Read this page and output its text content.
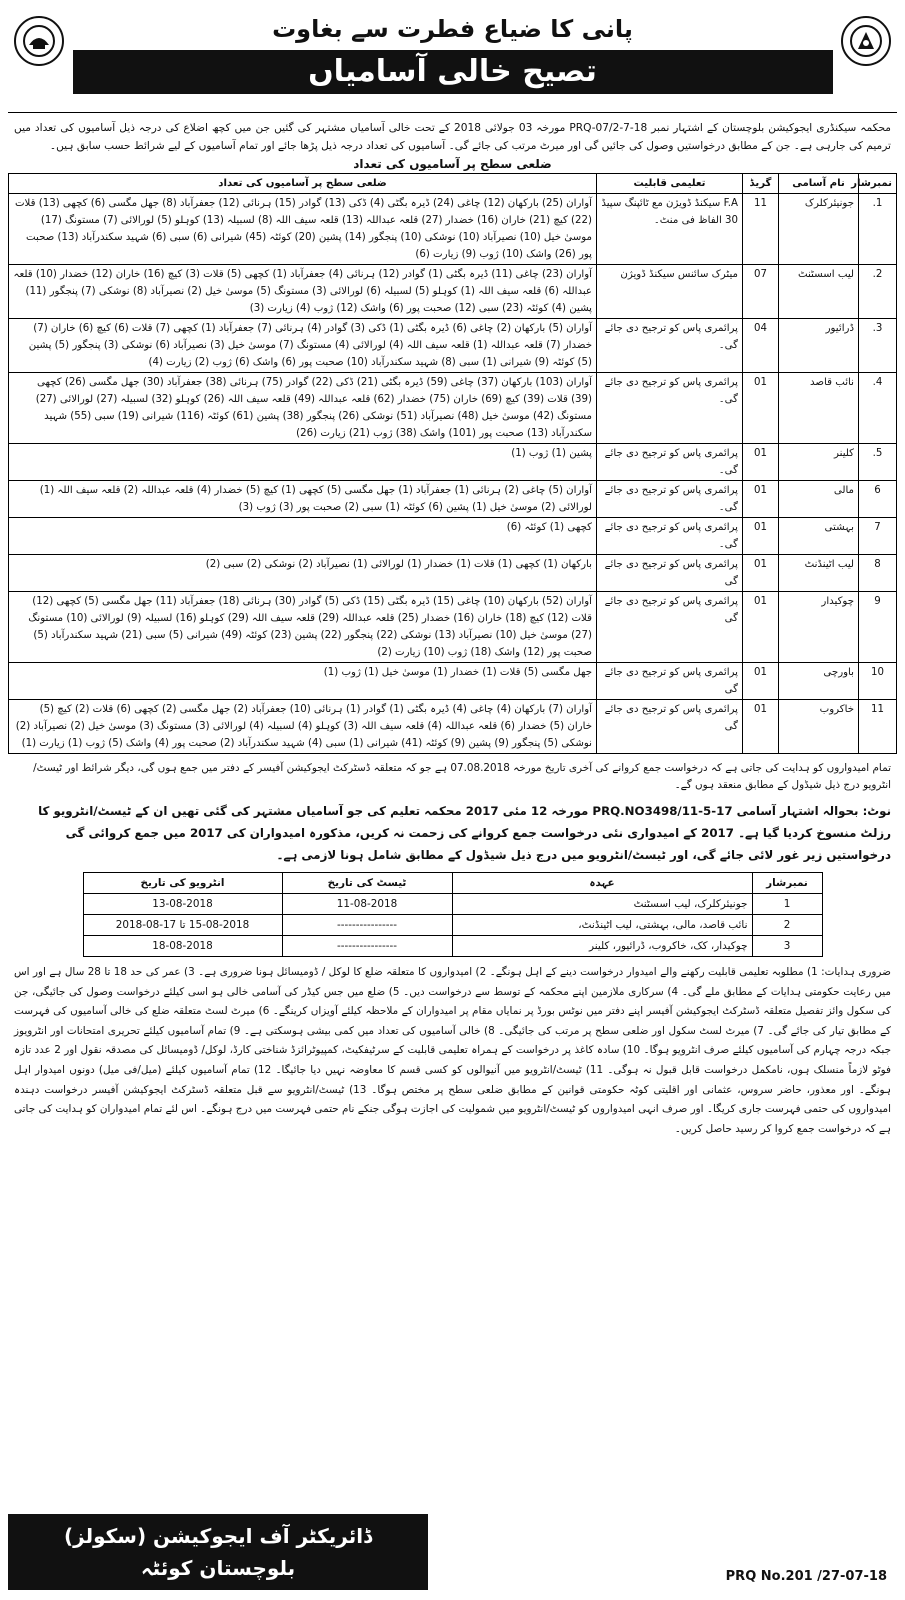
پانی کا ضیاع فطرت سے بغاوت
تصیح خالی آسامیاں
محکمہ سیکنڈری ایجوکیشن بلوچستان کے اشتہار نمبر PRQ-07/2-7-18 مورخہ 03 جولائی 2018 کے تحت خالی آسامیاں مشتہر کی گئیں جن میں کچھ اضلاع کی درجہ ذیل آسامیوں کی تعداد میں ترمیم کی جارہی ہے۔ جن کے مطابق درخواستیں وصول کی جائیں گی اور میرٹ مرتب کی جائے گی۔ آسامیوں کی تعداد درجہ ذیل پڑھا جائے اور تمام آسامیوں کے لیے شرائط حسب سابق ہیں۔
ضلعی سطح پر آسامیوں کی تعداد
نمبرشار	نام آسامی	گریڈ	تعلیمی قابلیت	ضلعی سطح پر آسامیوں کی تعداد
1.	جونیئرکلرک	11	F.A سیکنڈ ڈویژن مع ٹائپنگ سپیڈ 30 الفاظ فی منٹ۔	آواران (25) بارکھان (12) چاغی (24) ڈیرہ بگٹی (4) ڈکی (13) گوادر (15) ہرنائی (12) جعفرآباد (8) جھل مگسی (6) کچھی (13) قلات (22) کیچ (21) خاران (16) خضدار (27) قلعہ عبداللہ (13) قلعہ سیف اللہ (8) لسبیلہ (13) کوہلو (5) لورالائی (7) مستونگ (17) موسیٰ خیل (10) نصیرآباد (10) نوشکی (10) پنجگور (14) پشین (20) کوئٹہ (45) شیرانی (6) سبی (6) شہید سکندرآباد (13) صحبت پور (26) واشک (10) ژوب (9) زیارت (6)
2.	لیب اسسٹنٹ	07	میٹرک سائنس سیکنڈ ڈویژن	آواران (23) چاغی (11) ڈیرہ بگٹی (1) گوادر (12) ہرنائی (4) جعفرآباد (1) کچھی (5) قلات (3) کیچ (16) خاران (12) خضدار (10) قلعہ عبداللہ (6) قلعہ سیف اللہ (1) کوہلو (5) لسبیلہ (6) لورالائی (3) مستونگ (5) موسیٰ خیل (2) نصیرآباد (8) نوشکی (7) پنجگور (11) پشین (4) کوئٹہ (23) سبی (12) صحبت پور (6) واشک (12) ژوب (4) زیارت (3)
3.	ڈرائیور	04	پرائمری پاس کو ترجیح دی جائے گی۔	آواران (5) بارکھان (2) چاغی (6) ڈیرہ بگٹی (1) ڈکی (3) گوادر (4) ہرنائی (7) جعفرآباد (1) کچھی (7) قلات (6) کیچ (6) خاران (7) خضدار (7) قلعہ عبداللہ (1) قلعہ سیف اللہ (4) لورالائی (4) مستونگ (7) موسیٰ خیل (3) نصیرآباد (6) نوشکی (3) پنجگور (5) پشین (5) کوئٹہ (9) شیرانی (1) سبی (8) شہید سکندرآباد (10) صحبت پور (6) واشک (6) ژوب (2) زیارت (4)
4.	نائب قاصد	01	پرائمری پاس کو ترجیح دی جائے گی۔	آواران (103) بارکھان (37) چاغی (59) ڈیرہ بگٹی (21) ڈکی (22) گوادر (75) ہرنائی (38) جعفرآباد (30) جھل مگسی (26) کچھی (39) قلات (39) کیچ (69) خاران (75) خضدار (62) قلعہ عبداللہ (49) قلعہ سیف اللہ (26) کوہلو (32) لسبیلہ (27) لورالائی (27) مستونگ (42) موسیٰ خیل (48) نصیرآباد (51) نوشکی (26) پنجگور (38) پشین (61) کوئٹہ (116) شیرانی (19) سبی (55) شہید سکندرآباد (13) صحبت پور (101) واشک (38) ژوب (21) زیارت (26)
5.	کلینر	01	پرائمری پاس کو ترجیح دی جائے گی۔	پشین (1) ژوب (1)
6	مالی	01	پرائمری پاس کو ترجیح دی جائے گی۔	آواران (5) چاغی (2) ہرنائی (1) جعفرآباد (1) جھل مگسی (5) کچھی (1) کیچ (5) خضدار (4) قلعہ عبداللہ (2) قلعہ سیف اللہ (1) لورالائی (2) موسیٰ خیل (1) پشین (6) کوئٹہ (1) سبی (2) صحبت پور (3) ژوب (3)
7	بہشتی	01	پرائمری پاس کو ترجیح دی جائے گی۔	کچھی (1) کوئٹہ (6)
8	لیب اٹینڈنٹ	01	پرائمری پاس کو ترجیح دی جائے گی	بارکھان (1) کچھی (1) قلات (1) خضدار (1) لورالائی (1) نصیرآباد (2) نوشکی (2) سبی (2)
9	چوکیدار	01	پرائمری پاس کو ترجیح دی جائے گی	آواران (52) بارکھان (10) چاغی (15) ڈیرہ بگٹی (15) ڈکی (5) گوادر (30) ہرنائی (18) جعفرآباد (11) جھل مگسی (5) کچھی (12) قلات (12) کیچ (18) خاران (16) خضدار (25) قلعہ عبداللہ (29) قلعہ سیف اللہ (29) کوہلو (16) لسبیلہ (9) لورالائی (10) مستونگ (27) موسیٰ خیل (10) نصیرآباد (13) نوشکی (22) پنجگور (22) پشین (23) کوئٹہ (49) شیرانی (5) سبی (21) شہید سکندرآباد (5) صحبت پور (12) واشک (18) ژوب (10) زیارت (2)
10	باورچی	01	پرائمری پاس کو ترجیح دی جائے گی	جھل مگسی (5) قلات (1) خضدار (1) موسیٰ خیل (1) ژوب (1)
11	خاکروب	01	پرائمری پاس کو ترجیح دی جائے گی	آواران (7) بارکھان (4) چاغی (4) ڈیرہ بگٹی (1) گوادر (1) ہرنائی (10) جعفرآباد (2) جھل مگسی (2) کچھی (6) قلات (2) کیچ (5) خاران (5) خضدار (6) قلعہ عبداللہ (4) قلعہ سیف اللہ (3) کوہلو (4) لسبیلہ (4) لورالائی (3) مستونگ (3) موسیٰ خیل (2) نصیرآباد (2) نوشکی (5) پنجگور (9) پشین (9) کوئٹہ (41) شیرانی (1) سبی (4) شہید سکندرآباد (2) صحبت پور (4) واشک (5) ژوب (1) زیارت (1)
تمام امیدواروں کو ہدایت کی جاتی ہے کہ درخواست جمع کروانے کی آخری تاریخ مورخہ 07.08.2018 ہے جو کہ متعلقہ ڈسٹرکٹ ایجوکیشن آفیسر کے دفتر میں جمع ہوں گی، دیگر شرائط اور ٹیسٹ/انٹرویو درج ذیل شیڈول کے مطابق منعقد ہوں گے۔
نوٹ: بحوالہ اشتہار آسامی PRQ.NO3498/11-5-17 مورخہ 12 مئی 2017 محکمہ تعلیم کی جو آسامیاں مشتہر کی گئی تھیں ان کے ٹیسٹ/انٹرویو کا رزلٹ منسوخ کردیا گیا ہے۔ 2017 کے امیدواری نئی درخواست جمع کروانے کی زحمت نہ کریں، مذکورہ امیدواران کی 2017 میں جمع کروائی گی درخواستیں زیر غور لائی جائے گی، اور ٹیسٹ/انٹرویو میں درج ذیل شیڈول کے مطابق شامل ہونا لازمی ہے۔
نمبرشار	عہدہ	ٹیسٹ کی تاریخ	انٹرویو کی تاریخ
1	جونیئرکلرک، لیب اسسٹنٹ	11-08-2018	13-08-2018
2	نائب قاصد، مالی، بہشتی، لیب اٹینڈنٹ،	----------------	15-08-2018 تا 17-08-2018
3	چوکیدار، کک، خاکروب، ڈرائیور، کلینر	----------------	18-08-2018
ضروری ہدایات: 1) مطلوبہ تعلیمی قابلیت رکھنے والے امیدوار درخواست دینے کے اہل ہونگے۔ 2) امیدواروں کا متعلقہ ضلع کا لوکل / ڈومیسائل ہونا ضروری ہے۔ 3) عمر کی حد 18 تا 28 سال ہے اور اس میں رعایت حکومتی ہدایات کے مطابق ملے گی۔ 4) سرکاری ملازمین اپنے محکمہ کے توسط سے درخواست دیں۔ 5) ضلع میں جس کیڈر کی آسامی خالی ہو اسی کیلئے درخواست وصول کی جائیگی، جن کی سکول وائز تفصیل متعلقہ ڈسٹرکٹ ایجوکیشن آفیسر اپنے دفتر میں نوٹس بورڈ پر نمایاں مقام پر امیدواران کے ملاحظہ کیلئے آویزاں کرینگے۔ 6) میرٹ لسٹ متعلقہ ضلع کی خالی آسامیوں کی فہرست کے مطابق تیار کی جائے گی۔ 7) میرٹ لسٹ سکول اور ضلعی سطح پر مرتب کی جائیگی۔ 8) خالی آسامیوں کی تعداد میں کمی بیشی ہوسکتی ہے۔ 9) تمام آسامیوں کیلئے تحریری امتحانات اور انٹرویوز جبکہ درجہ چہارم کی آسامیوں کیلئے صرف انٹرویو ہوگا۔ 10) سادہ کاغذ پر درخواست کے ہمراہ تعلیمی قابلیت کے سرٹیفکیٹ، کمپیوٹرائزڈ شناختی کارڈ، لوکل/ ڈومیسائل کی مصدقہ نقول اور 2 عدد تازہ فوٹو لازماً منسلک ہوں، نامکمل درخواست قابل قبول نہ ہوگی۔ 11) ٹیسٹ/انٹرویو میں آنیوالوں کو کسی قسم کا معاوضہ نہیں دیا جائیگا۔ 12) تمام آسامیوں کیلئے (میل/فی میل) دونوں امیدوار اہل ہونگے۔ اور معذور، حاضر سروس، عثمانی اور اقلیتی کوٹہ حکومتی قوانین کے مطابق ضلعی سطح پر مختص ہوگا۔ 13) ٹیسٹ/انٹرویو سے قبل متعلقہ ڈسٹرکٹ ایجوکیشن آفیسر درخواست دہندہ امیدواروں کی حتمی فہرست جاری کریگا۔ اور صرف انہی امیدواروں کو ٹیسٹ/انٹرویو میں شمولیت کی اجازت ہوگی جنکے نام حتمی فہرست میں درج ہونگے۔ اس لئے تمام امیدواران کو ہدایت کی جاتی ہے کہ درخواست جمع کروا کر رسید حاصل کریں۔
ڈائریکٹر آف ایجوکیشن (سکولز)
بلوچستان کوئٹہ	PRQ No.201 /27-07-18
